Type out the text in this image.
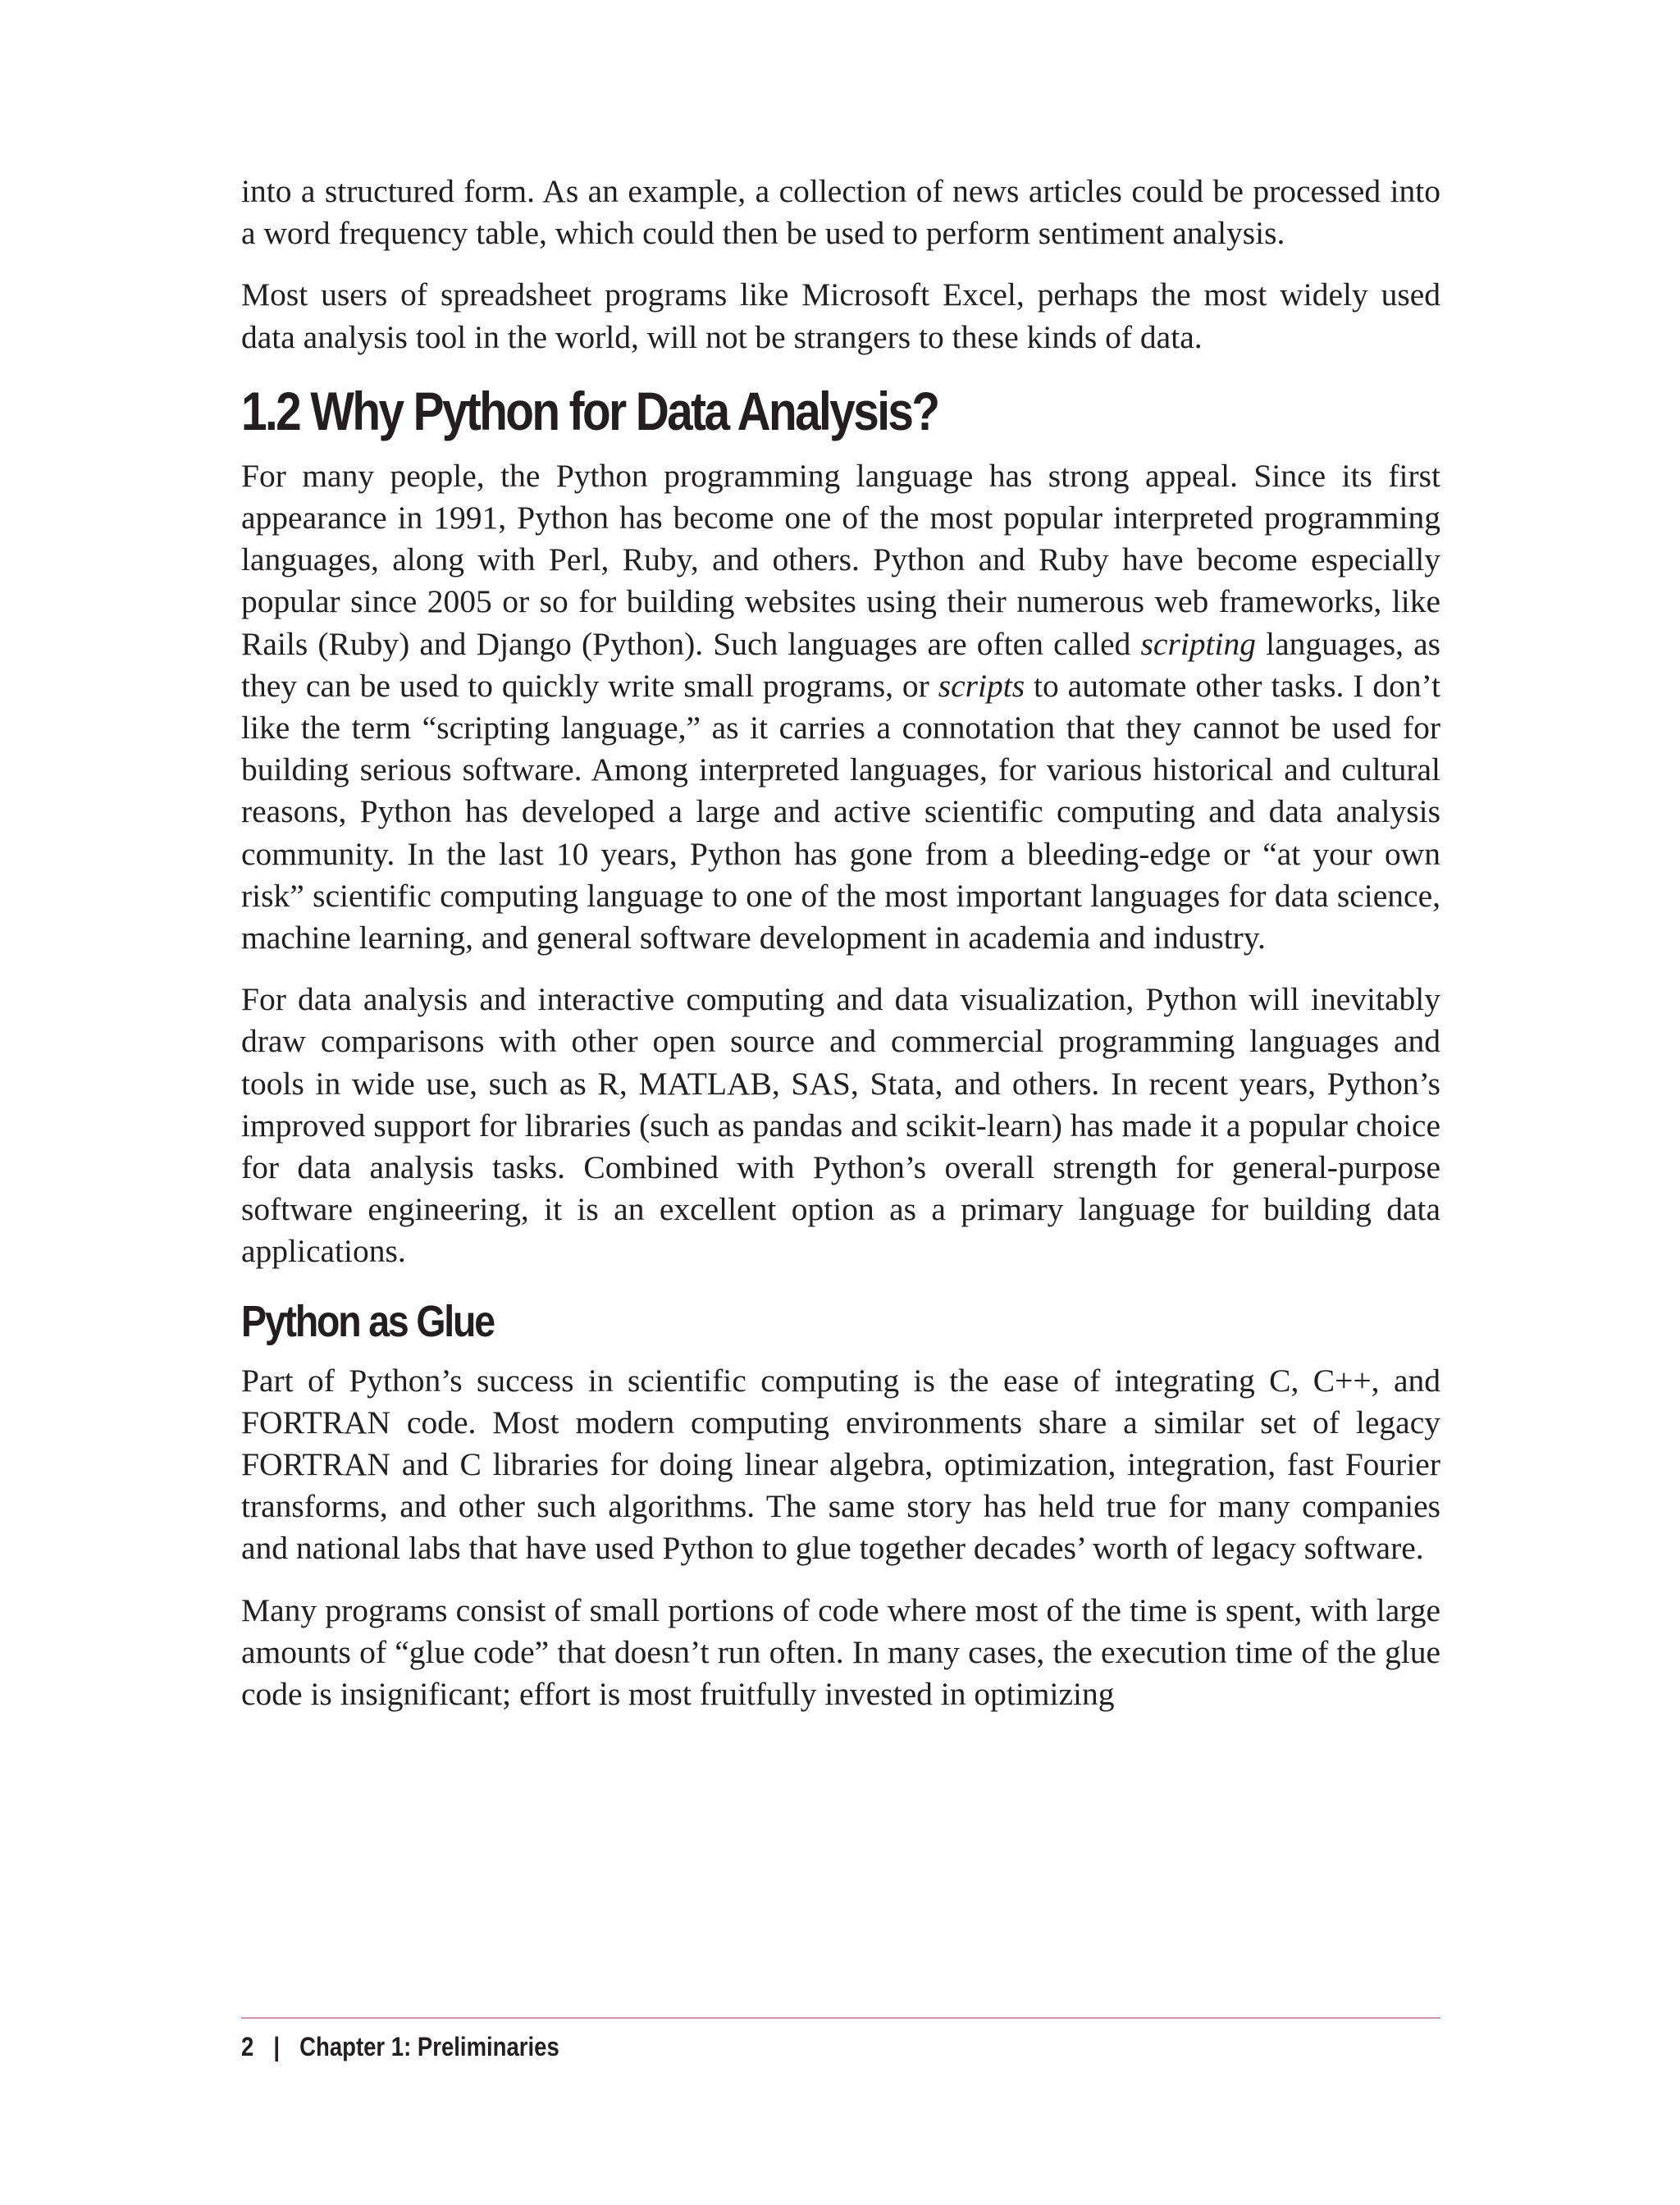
into a structured form. As an example, a collection of news articles could be processed into a word frequency table, which could then be used to perform sentiment analysis.

Most users of spreadsheet programs like Microsoft Excel, perhaps the most widely used data analysis tool in the world, will not be strangers to these kinds of data.

1.2 Why Python for Data Analysis?

For many people, the Python programming language has strong appeal. Since its first appearance in 1991, Python has become one of the most popular interpreted programming languages, along with Perl, Ruby, and others. Python and Ruby have become especially popular since 2005 or so for building websites using their numerous web frameworks, like Rails (Ruby) and Django (Python). Such languages are often called scripting languages, as they can be used to quickly write small programs, or scripts to automate other tasks. I don’t like the term “scripting language,” as it carries a connotation that they cannot be used for building serious software. Among interpreted languages, for various historical and cultural reasons, Python has developed a large and active scientific computing and data analysis community. In the last 10 years, Python has gone from a bleeding-edge or “at your own risk” scientific computing language to one of the most important languages for data science, machine learning, and general software development in academia and industry.

For data analysis and interactive computing and data visualization, Python will inevitably draw comparisons with other open source and commercial programming languages and tools in wide use, such as R, MATLAB, SAS, Stata, and others. In recent years, Python’s improved support for libraries (such as pandas and scikit-learn) has made it a popular choice for data analysis tasks. Combined with Python’s overall strength for general-purpose software engineering, it is an excellent option as a primary language for building data applications.

Python as Glue

Part of Python’s success in scientific computing is the ease of integrating C, C++, and FORTRAN code. Most modern computing environments share a similar set of legacy FORTRAN and C libraries for doing linear algebra, optimization, integration, fast Fourier transforms, and other such algorithms. The same story has held true for many companies and national labs that have used Python to glue together decades’ worth of legacy software.

Many programs consist of small portions of code where most of the time is spent, with large amounts of “glue code” that doesn’t run often. In many cases, the execution time of the glue code is insignificant; effort is most fruitfully invested in optimizing

2 | Chapter 1: Preliminaries
